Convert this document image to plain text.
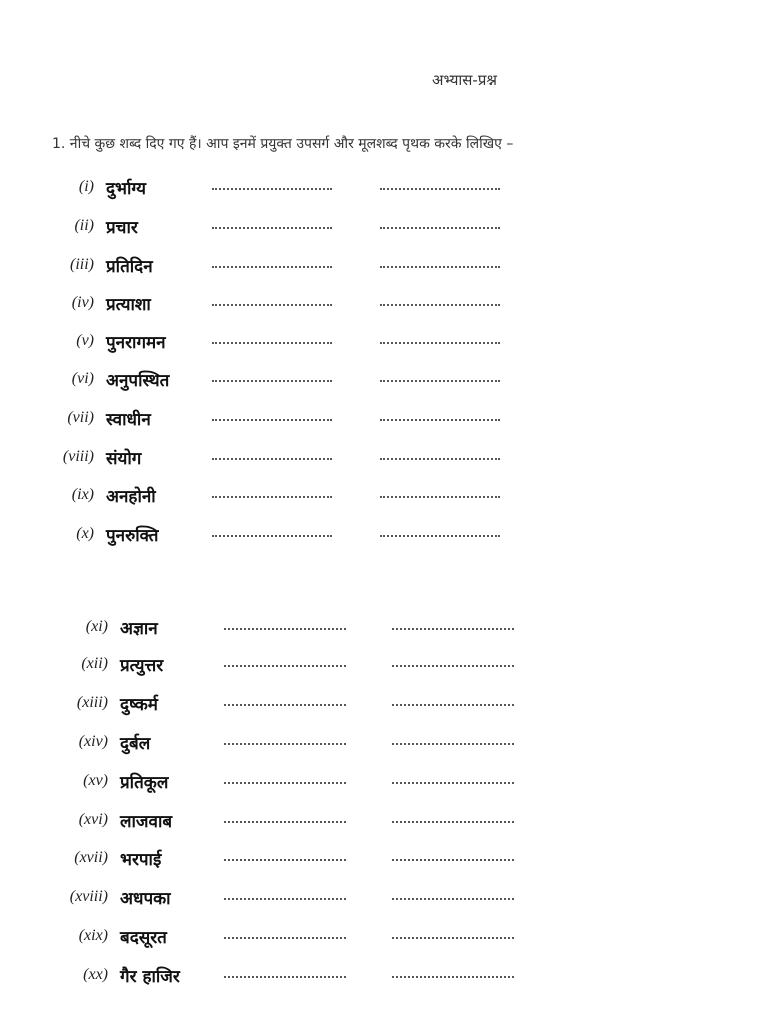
अभ्यास-प्रश्न
1. नीचे कुछ शब्द दिए गए हैं। आप इनमें प्रयुक्त उपसर्ग और मूलशब्द पृथक करके लिखिए –
(i) दुर्भाग्य
(ii) प्रचार
(iii) प्रतिदिन
(iv) प्रत्याशा
(v) पुनरागमन
(vi) अनुपस्थित
(vii) स्वाधीन
(viii) संयोग
(ix) अनहोनी
(x) पुनरुक्ति
(xi) अज्ञान
(xii) प्रत्युत्तर
(xiii) दुष्कर्म
(xiv) दुर्बल
(xv) प्रतिकूल
(xvi) लाजवाब
(xvii) भरपाई
(xviii) अधपका
(xix) बदसूरत
(xx) गैर हाजिर
